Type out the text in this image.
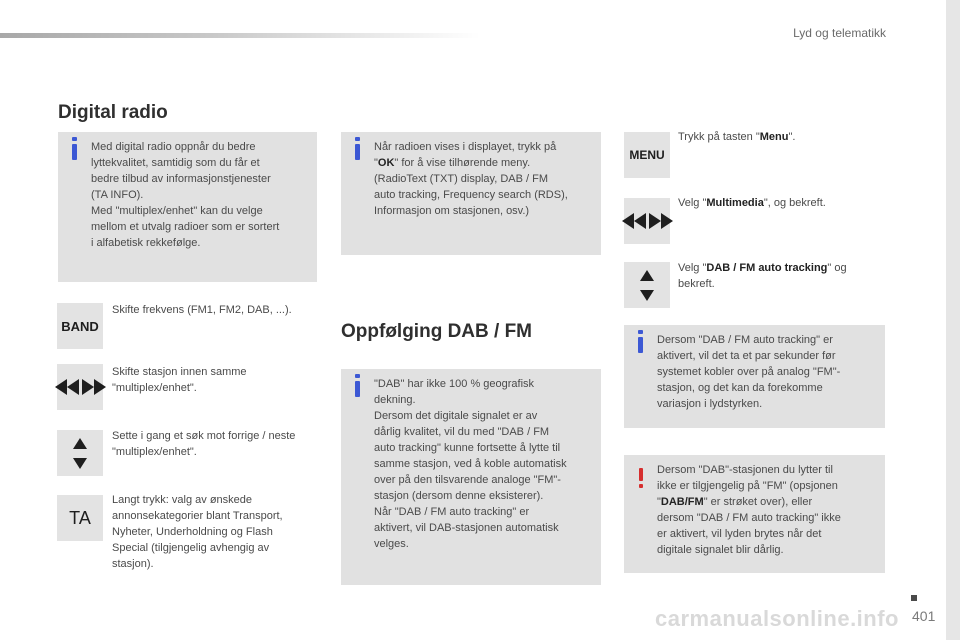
Lyd og telematikk
Digital radio
Med digital radio oppnår du bedre
lyttekvalitet, samtidig som du får et
bedre tilbud av informasjonstjenester
(TA INFO).
Med "multiplex/enhet" kan du velge
mellom et utvalg radioer som er sortert
i alfabetisk rekkefølge.
Når radioen vises i displayet, trykk på
"OK" for å vise tilhørende meny.
(RadioText (TXT) display, DAB / FM
auto tracking, Frequency search (RDS),
Informasjon om stasjonen, osv.)
BAND
Skifte frekvens (FM1, FM2, DAB, ...).
Skifte stasjon innen samme
"multiplex/enhet".
Sette i gang et søk mot forrige / neste
"multiplex/enhet".
TA
Langt trykk: valg av ønskede
annonsekategorier blant Transport,
Nyheter, Underholdning og Flash
Special (tilgjengelig avhengig av
stasjon).
Oppfølging DAB / FM
"DAB" har ikke 100 % geografisk
dekning.
Dersom det digitale signalet er av
dårlig kvalitet, vil du med "DAB / FM
auto tracking" kunne fortsette å lytte til
samme stasjon, ved å koble automatisk
over på den tilsvarende analoge "FM"-
stasjon (dersom denne eksisterer).
Når "DAB / FM auto tracking" er
aktivert, vil DAB-stasjonen automatisk
velges.
MENU
Trykk på tasten "Menu".
Velg "Multimedia", og bekreft.
Velg "DAB / FM auto tracking" og
bekreft.
Dersom "DAB / FM auto tracking" er
aktivert, vil det ta et par sekunder før
systemet kobler over på analog "FM"-
stasjon, og det kan da forekomme
variasjon i lydstyrken.
Dersom "DAB"-stasjonen du lytter til
ikke er tilgjengelig på "FM" (opsjonen
"DAB/FM" er strøket over), eller
dersom "DAB / FM auto tracking" ikke
er aktivert, vil lyden brytes når det
digitale signalet blir dårlig.
carmanualsonline.info 401
